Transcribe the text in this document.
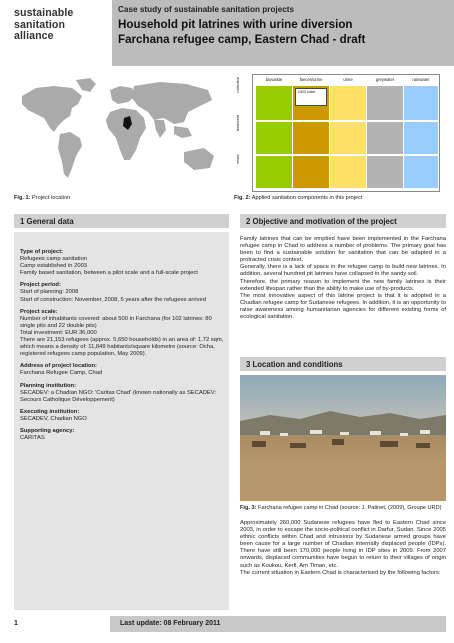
sustainable
sanitation
alliance
Case study of sustainable sanitation projects
Household pit latrines with urine diversion
Farchana refugee camp, Eastern Chad - draft
Fig. 1: Project location
biowaste	faeces/urine	urine	greywater	rainwater
collection
treatment
reuse
UDD toilet
Fig. 2: Applied sanitation components in this project
1 General data
Type of project:
Refugees camp sanitation
Camp established in 2003
Family based sanitation, between a pilot scale and a full-scale project
Project period:
Start of planning: 2008
Start of construction: November, 2008, 5 years after the refugees arrived
Project scale:
Number of inhabitants covered: about 500 in Farchana (for 102 latrines: 80 single pits and 22 double pits)
Total investment: EUR 36,000
There are 21,153 refugees (approx. 5,650 households) in an area of: 1.72 sqm, which means a density of: 11,849 habitants/square kilometre (source: Ocha, registered refugees camp population, May 2009).
Address of project location:
Farchana Refugee Camp, Chad
Planning institution:
SECADEV: a Chadian NGO: 'Caritas Chad' (known nationally as SECADEV: Secours Catholique Développement)
Executing institution:
SECADEV, Chadian NGO
Supporting agency:
CARITAS
2 Objective and motivation of the project

Family latrines that can be emptied have been implemented in the Farchana refugee camp in Chad to address a number of problems. The primary goal has been to find a sustainable solution for sanitation that can be adapted in a protracted crisis context.

Generally, there is a lack of space in the refugee camp to build new latrines. In addition, several hundred pit latrines have collapsed in the sandy soil.

Therefore, the primary reason to implement the new family latrines is their extended lifespan rather than the ability to make use of by-products.

The most innovative aspect of this latrine project is that it is adopted in a Chadian refugee camp for Sudanese refugees. In addition, it is an opportunity to raise awareness among humanitarian agencies for different existing forms of ecological sanitation.

3 Location and conditions
Fig. 3: Farchana refugee camp in Chad (source: J. Patinet, (2009), Groupe URD)

Approximately 260,000 Sudanese refugees have fled to Eastern Chad since 2003, in order to escape the socio-political conflict in Darfur, Sudan. Since 2005 ethnic conflicts within Chad and intrusions by Sudanese armed groups have been cause for a large number of Chadian internally displaced people (IDPs). There have still been 170,000 people living in IDP sites in 2009. From 2007 onwards, displaced communities have begun to return to their villages of origin such as Koukou, Kerfi, Am Timan, etc.

The current situation in Eastern Chad is characterised by the following factors:

1	Last update: 08 February 2011
